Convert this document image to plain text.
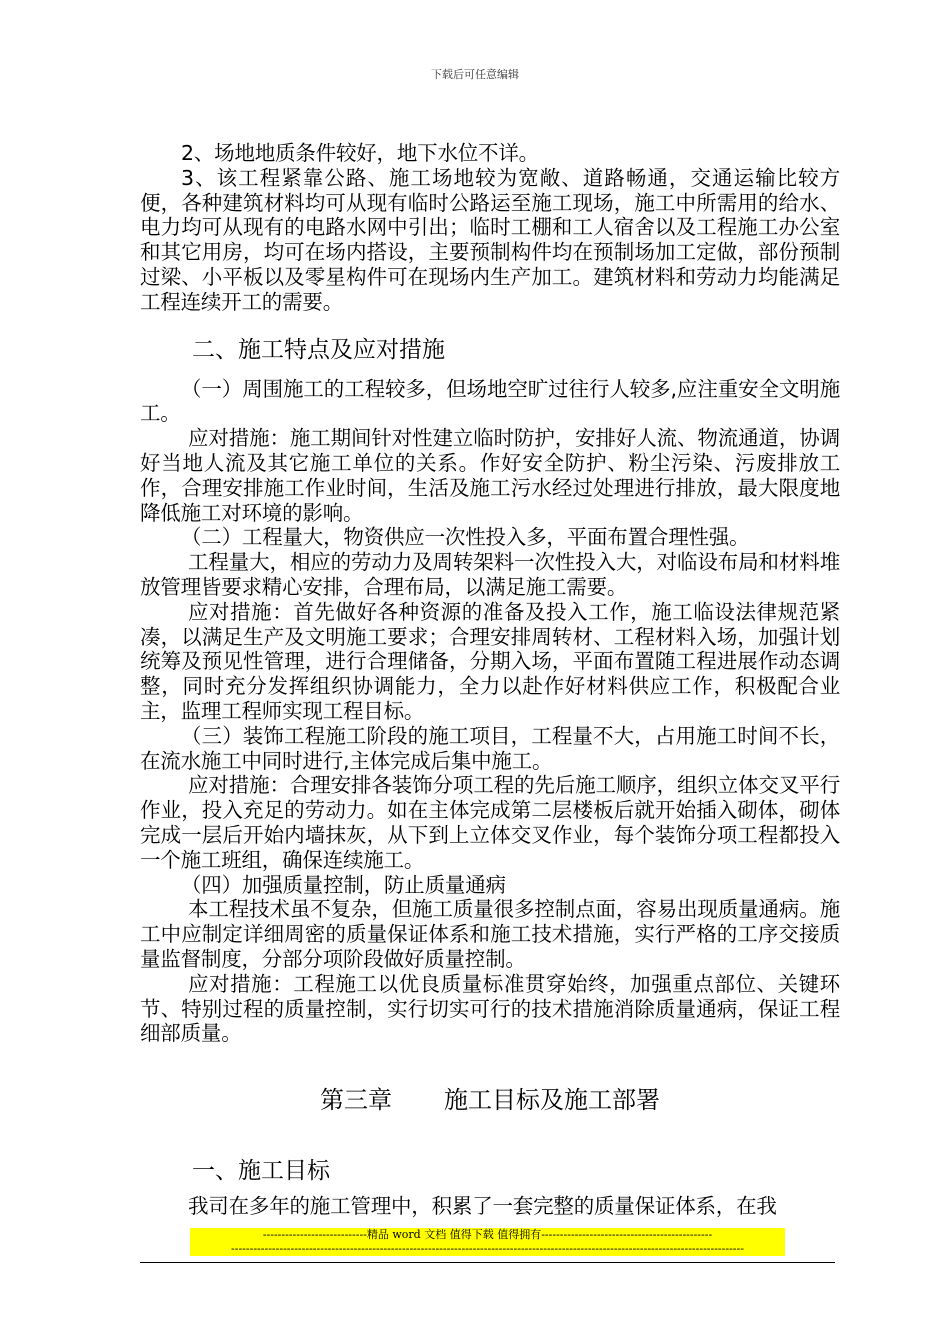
下载后可任意编辑

2、场地地质条件较好，地下水位不详。

3、该工程紧靠公路、施工场地较为宽敞、道路畅通，交通运输比较方便，各种建筑材料均可从现有临时公路运至施工现场，施工中所需用的给水、电力均可从现有的电路水网中引出；临时工棚和工人宿舍以及工程施工办公室和其它用房，均可在场内搭设，主要预制构件均在预制场加工定做，部份预制过梁、小平板以及零星构件可在现场内生产加工。建筑材料和劳动力均能满足工程连续开工的需要。

二、施工特点及应对措施

（一）周围施工的工程较多，但场地空旷过往行人较多,应注重安全文明施工。

应对措施：施工期间针对性建立临时防护，安排好人流、物流通道，协调好当地人流及其它施工单位的关系。作好安全防护、粉尘污染、污废排放工作，合理安排施工作业时间，生活及施工污水经过处理进行排放，最大限度地降低施工对环境的影响。

（二）工程量大，物资供应一次性投入多，平面布置合理性强。

工程量大，相应的劳动力及周转架料一次性投入大，对临设布局和材料堆放管理皆要求精心安排，合理布局，以满足施工需要。

应对措施：首先做好各种资源的准备及投入工作，施工临设法律规范紧凑，以满足生产及文明施工要求；合理安排周转材、工程材料入场，加强计划统筹及预见性管理，进行合理储备，分期入场，平面布置随工程进展作动态调整，同时充分发挥组织协调能力，全力以赴作好材料供应工作，积极配合业主，监理工程师实现工程目标。

（三）装饰工程施工阶段的施工项目，工程量不大，占用施工时间不长，在流水施工中同时进行,主体完成后集中施工。

应对措施：合理安排各装饰分项工程的先后施工顺序，组织立体交叉平行作业，投入充足的劳动力。如在主体完成第二层楼板后就开始插入砌体，砌体完成一层后开始内墙抹灰，从下到上立体交叉作业，每个装饰分项工程都投入一个施工班组，确保连续施工。

（四）加强质量控制，防止质量通病

本工程技术虽不复杂，但施工质量很多控制点面，容易出现质量通病。施工中应制定详细周密的质量保证体系和施工技术措施，实行严格的工序交接质量监督制度，分部分项阶段做好质量控制。

应对措施：工程施工以优良质量标准贯穿始终，加强重点部位、关键环节、特别过程的质量控制，实行切实可行的技术措施消除质量通病，保证工程细部质量。

第三章 施工目标及施工部署

一、施工目标

我司在多年的施工管理中，积累了一套完整的质量保证体系，在我

----------------------------精品 word 文档 值得下载 值得拥有----------------------------------------------
------------------------------------------------------------------------------------------------------------------------------------------
